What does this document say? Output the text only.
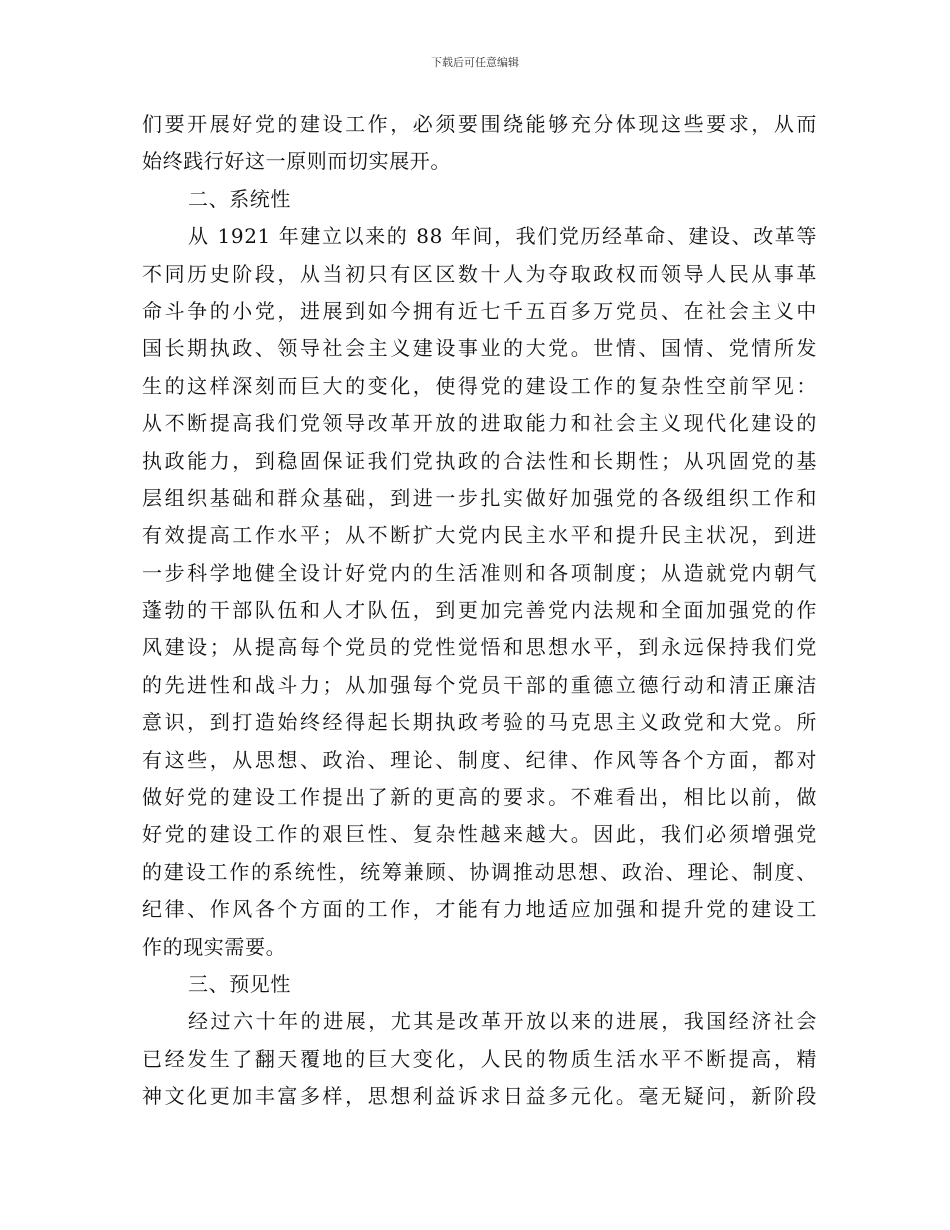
下载后可任意编辑
们要开展好党的建设工作，必须要围绕能够充分体现这些要求，从而
始终践行好这一原则而切实展开。
二、系统性
从 1921 年建立以来的 88 年间，我们党历经革命、建设、改革等
不同历史阶段，从当初只有区区数十人为夺取政权而领导人民从事革
命斗争的小党，进展到如今拥有近七千五百多万党员、在社会主义中
国长期执政、领导社会主义建设事业的大党。世情、国情、党情所发
生的这样深刻而巨大的变化，使得党的建设工作的复杂性空前罕见：
从不断提高我们党领导改革开放的进取能力和社会主义现代化建设的
执政能力，到稳固保证我们党执政的合法性和长期性；从巩固党的基
层组织基础和群众基础，到进一步扎实做好加强党的各级组织工作和
有效提高工作水平；从不断扩大党内民主水平和提升民主状况，到进
一步科学地健全设计好党内的生活准则和各项制度；从造就党内朝气
蓬勃的干部队伍和人才队伍，到更加完善党内法规和全面加强党的作
风建设；从提高每个党员的党性觉悟和思想水平，到永远保持我们党
的先进性和战斗力；从加强每个党员干部的重德立德行动和清正廉洁
意识，到打造始终经得起长期执政考验的马克思主义政党和大党。所
有这些，从思想、政治、理论、制度、纪律、作风等各个方面，都对
做好党的建设工作提出了新的更高的要求。不难看出，相比以前，做
好党的建设工作的艰巨性、复杂性越来越大。因此，我们必须增强党
的建设工作的系统性，统筹兼顾、协调推动思想、政治、理论、制度、
纪律、作风各个方面的工作，才能有力地适应加强和提升党的建设工
作的现实需要。
三、预见性
经过六十年的进展，尤其是改革开放以来的进展，我国经济社会
已经发生了翻天覆地的巨大变化，人民的物质生活水平不断提高，精
神文化更加丰富多样，思想利益诉求日益多元化。毫无疑问，新阶段
